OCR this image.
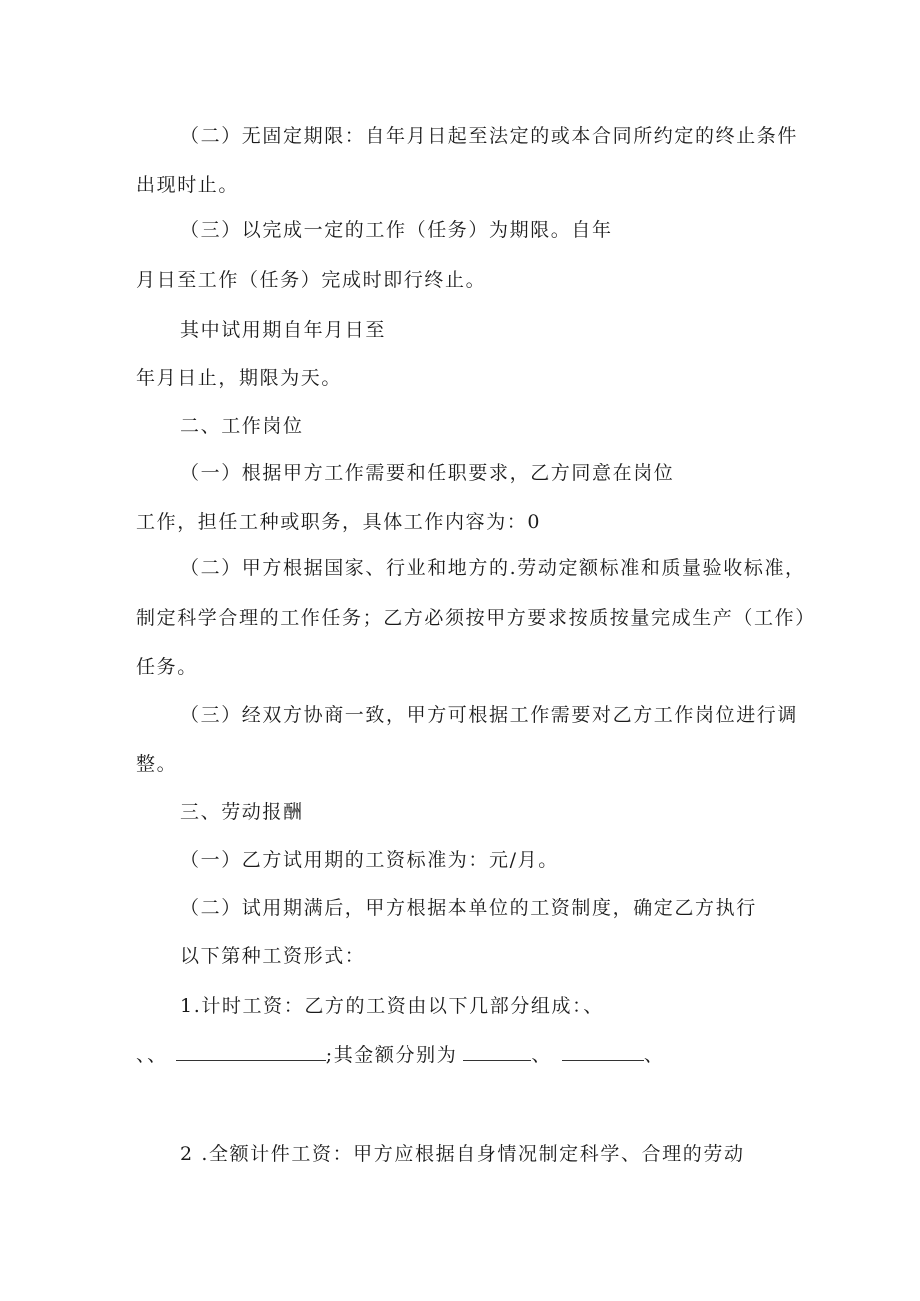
（二）无固定期限：自年月日起至法定的或本合同所约定的终止条件

出现时止。

（三）以完成一定的工作（任务）为期限。自年

月日至工作（任务）完成时即行终止。

其中试用期自年月日至

年月日止，期限为天。

二、工作岗位

（一）根据甲方工作需要和任职要求，乙方同意在岗位

工作，担任工种或职务，具体工作内容为：0

（二）甲方根据国家、行业和地方的.劳动定额标准和质量验收标准，

制定科学合理的工作任务；乙方必须按甲方要求按质按量完成生产（工作）

任务。

（三）经双方协商一致，甲方可根据工作需要对乙方工作岗位进行调

整。

三、劳动报酬

（一）乙方试用期的工资标准为：元/月。

（二）试用期满后，甲方根据本单位的工资制度，确定乙方执行

以下第种工资形式：

1.计时工资：乙方的工资由以下几部分组成：、

、、	;其金额分别为	、	、

2 .全额计件工资：甲方应根据自身情况制定科学、合理的劳动
